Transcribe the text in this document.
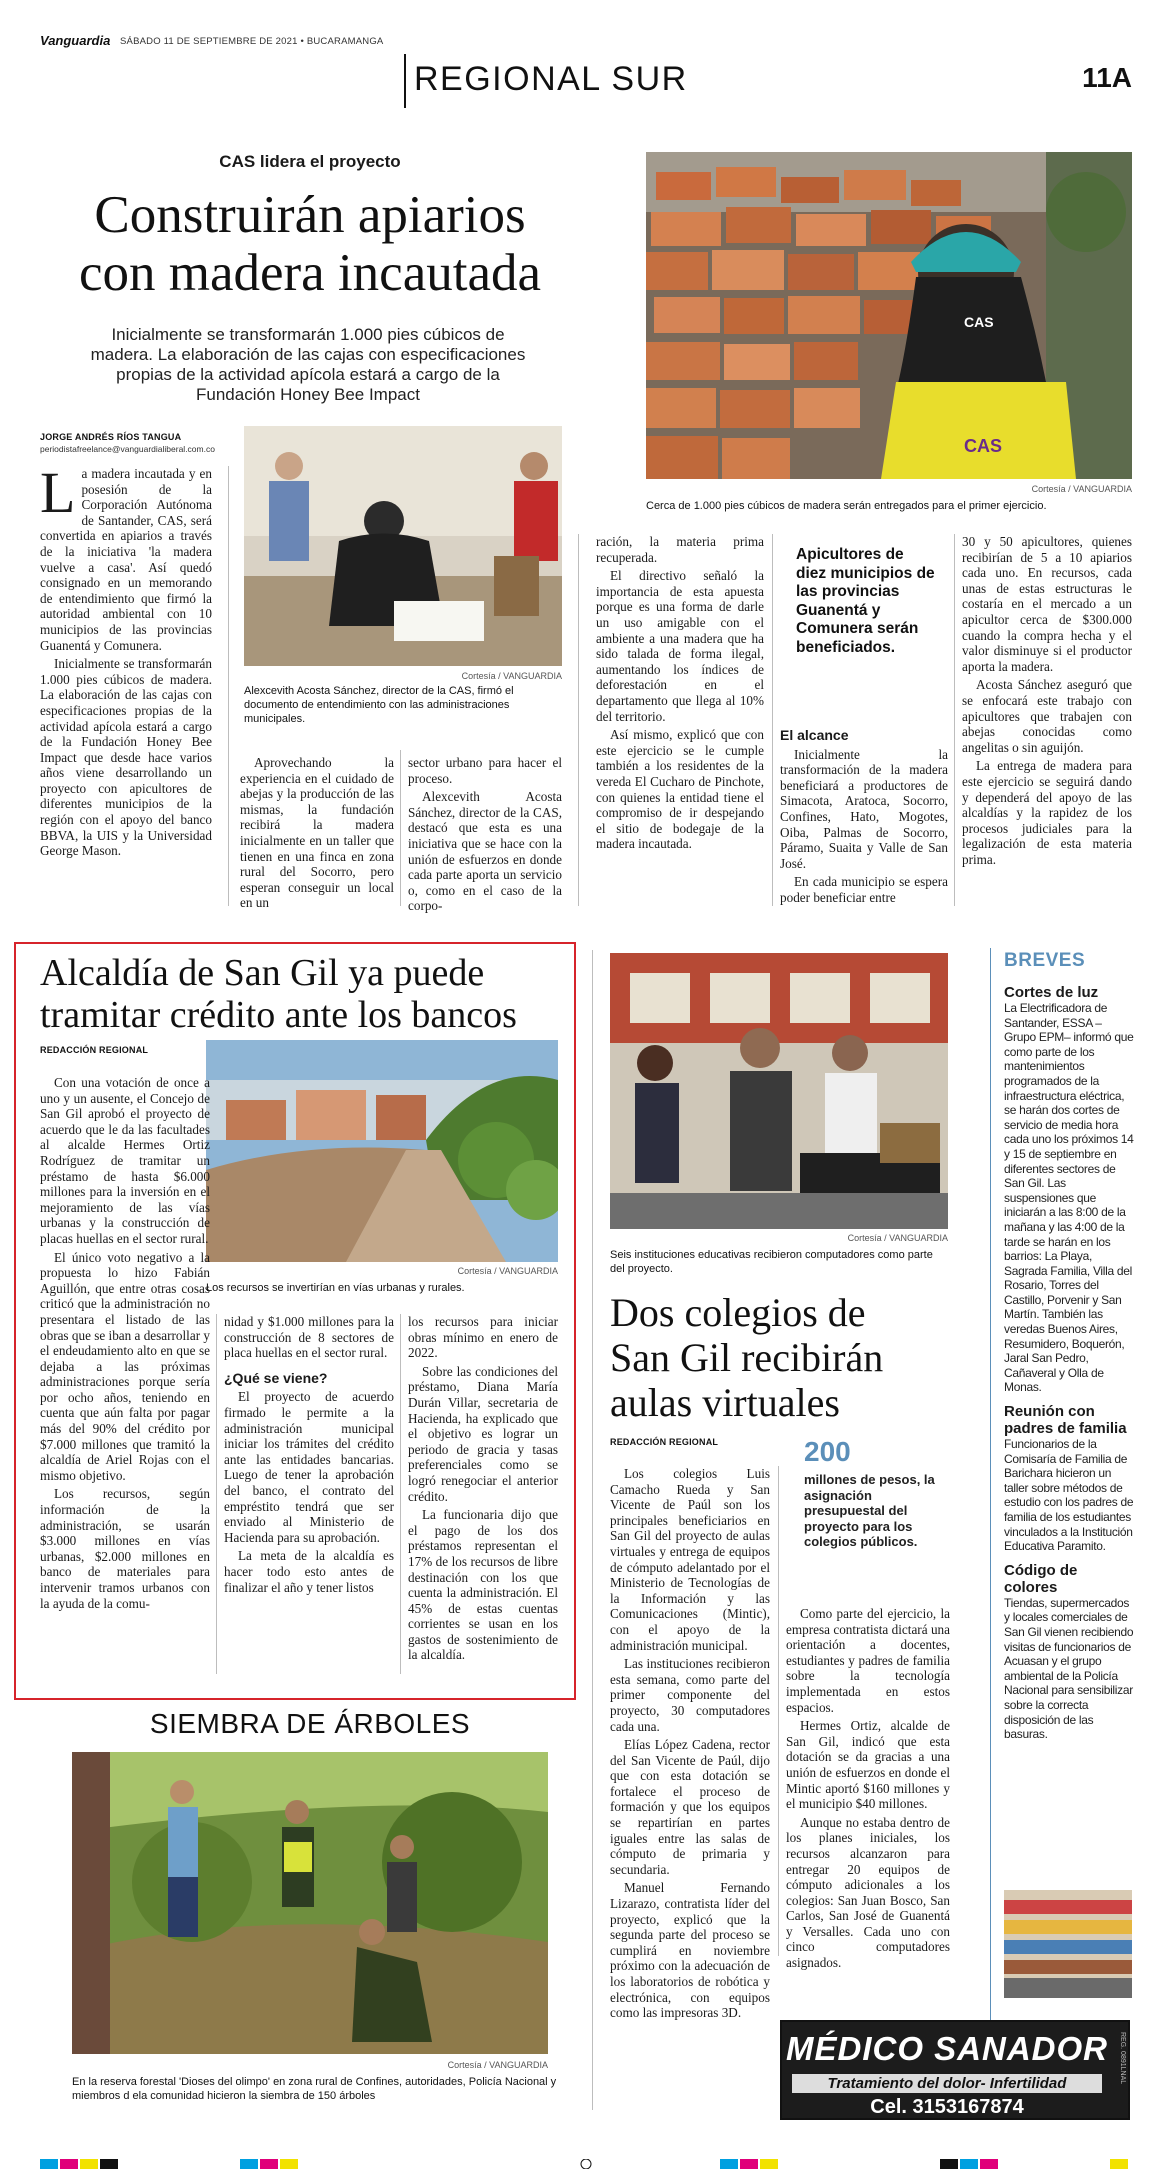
Vanguardia SÁBADO 11 DE SEPTIEMBRE DE 2021 • BUCARAMANGA
REGIONAL SUR	11A
CAS lidera el proyecto
Construirán apiarios
con madera incautada
Inicialmente se transformarán 1.000 pies cúbicos de madera. La elaboración de las cajas con especificaciones propias de la actividad apícola estará a cargo de la Fundación Honey Bee Impact
CAS
CAS
Cortesía / VANGUARDIA
Cerca de 1.000 pies cúbicos de madera serán entregados para el primer ejercicio.
JORGE ANDRÉS RÍOS TANGUA
periodistafreelance@vanguardialiberal.com.co
Cortesía / VANGUARDIA
Alexcevith Acosta Sánchez, director de la CAS, firmó el documento de entendimiento con las administraciones municipales.

La madera incautada y en posesión de la Corporación Autónoma de Santander, CAS, será convertida en apiarios a través de la iniciativa 'la madera vuelve a casa'. Así quedó consignado en un memorando de entendimiento que firmó la autoridad ambiental con 10 municipios de las provincias Guanentá y Comunera.

Inicialmente se transformarán 1.000 pies cúbicos de madera. La elaboración de las cajas con especificaciones propias de la actividad apícola estará a cargo de la Fundación Honey Bee Impact que desde hace varios años viene desarrollando un proyecto con apicultores de diferentes municipios de la región con el apoyo del banco BBVA, la UIS y la Universidad George Mason.

Aprovechando la experiencia en el cuidado de abejas y la producción de las mismas, la fundación recibirá la madera inicialmente en un taller que tienen en una finca en zona rural del Socorro, pero esperan conseguir un local en un

sector urbano para hacer el proceso.

Alexcevith Acosta Sánchez, director de la CAS, destacó que esta es una iniciativa que se hace con la unión de esfuerzos en donde cada parte aporta un servicio o, como en el caso de la corpo-

ración, la materia prima recuperada.

El directivo señaló la importancia de esta apuesta porque es una forma de darle un uso amigable con el ambiente a una madera que ha sido talada de forma ilegal, aumentando los índices de deforestación en el departamento que llega al 10% del territorio.

Así mismo, explicó que con este ejercicio se le cumple también a los residentes de la vereda El Cucharo de Pinchote, con quienes la entidad tiene el compromiso de ir despejando el sitio de bodegaje de la madera incautada.

Apicultores de diez municipios de las provincias Guanentá y Comunera serán beneficiados.
El alcance

Inicialmente la transformación de la madera beneficiará a productores de Simacota, Aratoca, Socorro, Confines, Hato, Mogotes, Oiba, Palmas de Socorro, Páramo, Suaita y Valle de San José.

En cada municipio se espera poder beneficiar entre

30 y 50 apicultores, quienes recibirían de 5 a 10 apiarios cada uno. En recursos, cada unas de estas estructuras le costaría en el mercado a un apicultor cerca de $300.000 cuando la compra hecha y el valor disminuye si el productor aporta la madera.

Acosta Sánchez aseguró que se enfocará este trabajo con apicultores que trabajen con abejas conocidas como angelitas o sin aguijón.

La entrega de madera para este ejercicio se seguirá dando y dependerá del apoyo de las alcaldías y la rapidez de los procesos judiciales para la legalización de esta materia prima.

Alcaldía de San Gil ya puede
tramitar crédito ante los bancos
REDACCIÓN REGIONAL
Cortesía / VANGUARDIA
Los recursos se invertirían en vías urbanas y rurales.

Con una votación de once a uno y un ausente, el Concejo de San Gil aprobó el proyecto de acuerdo que le da las facultades al alcalde Hermes Ortiz Rodríguez de tramitar un préstamo de hasta $6.000 millones para la inversión en el mejoramiento de las vías urbanas y la construcción de placas huellas en el sector rural.

El único voto negativo a la propuesta lo hizo Fabián Aguillón, que entre otras cosas criticó que la administración no presentara el listado de las obras que se iban a desarrollar y el endeudamiento alto en que se dejaba a las próximas administraciones porque sería por ocho años, teniendo en cuenta que aún falta por pagar más del 90% del crédito por $7.000 millones que tramitó la alcaldía de Ariel Rojas con el mismo objetivo.

Los recursos, según información de la administración, se usarán $3.000 millones en vías urbanas, $2.000 millones en banco de materiales para intervenir tramos urbanos con la ayuda de la comu-

nidad y $1.000 millones para la construcción de 8 sectores de placa huellas en el sector rural.

¿Qué se viene?

El proyecto de acuerdo firmado le permite a la administración municipal iniciar los trámites del crédito ante las entidades bancarias. Luego de tener la aprobación del banco, el contrato del empréstito tendrá que ser enviado al Ministerio de Hacienda para su aprobación.

La meta de la alcaldía es hacer todo esto antes de finalizar el año y tener listos

los recursos para iniciar obras mínimo en enero de 2022.

Sobre las condiciones del préstamo, Diana María Durán Villar, secretaria de Hacienda, ha explicado que el objetivo es lograr un periodo de gracia y tasas preferenciales como se logró renegociar el anterior crédito.

La funcionaria dijo que el pago de los dos préstamos representan el 17% de los recursos de libre destinación con los que cuenta la administración. El 45% de estas cuentas corrientes se usan en los gastos de sostenimiento de la alcaldía.

SIEMBRA DE ÁRBOLES
Cortesía / VANGUARDIA
En la reserva forestal 'Dioses del olimpo' en zona rural de Confines, autoridades, Policía Nacional y miembros d ela comunidad hicieron la siembra de 150 árboles
Cortesía / VANGUARDIA
Seis instituciones educativas recibieron computadores como parte del proyecto.
Dos colegios de
San Gil recibirán
aulas virtuales
REDACCIÓN REGIONAL	200
millones de pesos, la asignación presupuestal del proyecto para los colegios públicos.

Los colegios Luis Camacho Rueda y San Vicente de Paúl son los principales beneficiarios en San Gil del proyecto de aulas virtuales y entrega de equipos de cómputo adelantado por el Ministerio de Tecnologías de la Información y las Comunicaciones (Mintic), con el apoyo de la administración municipal.

Las instituciones recibieron esta semana, como parte del primer componente del proyecto, 30 computadores cada una.

Elías López Cadena, rector del San Vicente de Paúl, dijo que con esta dotación se fortalece el proceso de formación y que los equipos se repartirían en partes iguales entre las salas de cómputo de primaria y secundaria.

Manuel Fernando Lizarazo, contratista líder del proyecto, explicó que la segunda parte del proceso se cumplirá en noviembre próximo con la adecuación de los laboratorios de robótica y electrónica, con equipos como las impresoras 3D.

Como parte del ejercicio, la empresa contratista dictará una orientación a docentes, estudiantes y padres de familia sobre la tecnología implementada en estos espacios.

Hermes Ortiz, alcalde de San Gil, indicó que esta dotación se da gracias a una unión de esfuerzos en donde el Mintic aportó $160 millones y el municipio $40 millones.

Aunque no estaba dentro de los planes iniciales, los recursos alcanzaron para entregar 20 equipos de cómputo adicionales a los colegios: San Juan Bosco, San Carlos, San José de Guanentá y Versalles. Cada uno con cinco computadores asignados.

BREVES
Cortes de luz
La Electrificadora de Santander, ESSA – Grupo EPM– informó que como parte de los mantenimientos programados de la infraestructura eléctrica, se harán dos cortes de servicio de media hora cada uno los próximos 14 y 15 de septiembre en diferentes sectores de San Gil. Las suspensiones que iniciarán a las 8:00 de la mañana y las 4:00 de la tarde se harán en los barrios: La Playa, Sagrada Familia, Villa del Rosario, Torres del Castillo, Porvenir y San Martín. También las veredas Buenos Aires, Resumidero, Boquerón, Jaral San Pedro, Cañaveral y Olla de Monas.
Reunión con padres de familia
Funcionarios de la Comisaría de Familia de Barichara hicieron un taller sobre métodos de estudio con los padres de familia de los estudiantes vinculados a la Institución Educativa Paramito.
Código de colores
Tiendas, supermercados y locales comerciales de San Gil vienen recibiendo visitas de funcionarios de Acuasan y el grupo ambiental de la Policía Nacional para sensibilizar sobre la correcta disposición de las basuras.
MÉDICO SANADOR
Tratamiento del dolor- Infertilidad
Cel. 3153167874
REG. 0891LNAL
